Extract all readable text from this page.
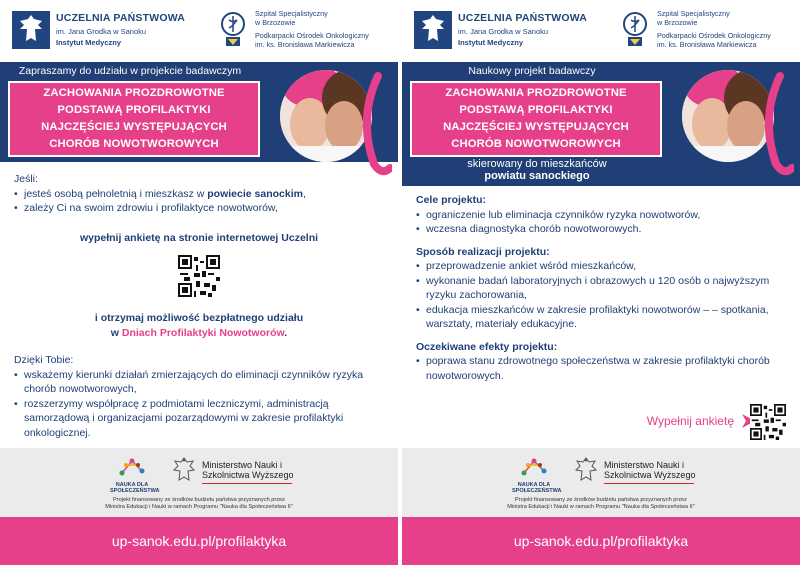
UCZELNIA PAŃSTWOWA
im. Jana Grodka w Sanoku
Instytut Medyczny
Szpital Specjalistyczny
w Brzozowie
Podkarpacki Ośrodek Onkologiczny
im. ks. Bronisława Markiewicza
Zapraszamy do udziału w projekcie badawczym
ZACHOWANIA PROZDROWOTNE
PODSTAWĄ PROFILAKTYKI
NAJCZĘŚCIEJ WYSTĘPUJĄCYCH
CHORÓB NOWOTWOROWYCH
Jeśli:
• jesteś osobą pełnoletnią i mieszkasz w powiecie sanockim,
• zależy Ci na swoim zdrowiu i profilaktyce nowotworów,
wypełnij ankietę na stronie internetowej Uczelni
i otrzymaj możliwość bezpłatnego udziału
w Dniach Profilaktyki Nowotworów.
Dzięki Tobie:
• wskażemy kierunki działań zmierzających do eliminacji czynników ryzyka chorób nowotworowych,
• rozszerzymy współpracę z podmiotami leczniczymi, administracją samorządową i organizacjami pozarządowymi w zakresie profilaktyki onkologicznej.
NAUKA DLA
SPOŁECZEŃSTWA
Ministerstwo Nauki i Szkolnictwa Wyższego
Projekt finansowany ze środków budżetu państwa przyznanych przez
Ministra Edukacji i Nauki w ramach Programu "Nauka dla Społeczeństwa II"
up-sanok.edu.pl/profilaktyka
UCZELNIA PAŃSTWOWA
im. Jana Grodka w Sanoku
Instytut Medyczny
Szpital Specjalistyczny
w Brzozowie
Podkarpacki Ośrodek Onkologiczny
im. ks. Bronisława Markiewicza
Naukowy projekt badawczy
ZACHOWANIA PROZDROWOTNE
PODSTAWĄ PROFILAKTYKI
NAJCZĘŚCIEJ WYSTĘPUJĄCYCH
CHORÓB NOWOTWOROWYCH
skierowany do mieszkańców
powiatu sanockiego
Cele projektu:
• ograniczenie lub eliminacja czynników ryzyka nowotworów,
• wczesna diagnostyka chorób nowotworowych.
Sposób realizacji projektu:
• przeprowadzenie ankiet wśród mieszkańców,
• wykonanie badań laboratoryjnych i obrazowych u 120 osób o najwyższym ryzyku zachorowania,
• edukacja mieszkańców w zakresie profilaktyki nowotworów – – spotkania, warsztaty, materiały edukacyjne.
Oczekiwane efekty projektu:
• poprawa stanu zdrowotnego społeczeństwa w zakresie profilaktyki chorób nowotworowych.
Wypełnij ankietę
NAUKA DLA
SPOŁECZEŃSTWA
Ministerstwo Nauki i Szkolnictwa Wyższego
Projekt finansowany ze środków budżetu państwa przyznanych przez
Ministra Edukacji i Nauki w ramach Programu "Nauka dla Społeczeństwa II"
up-sanok.edu.pl/profilaktyka
